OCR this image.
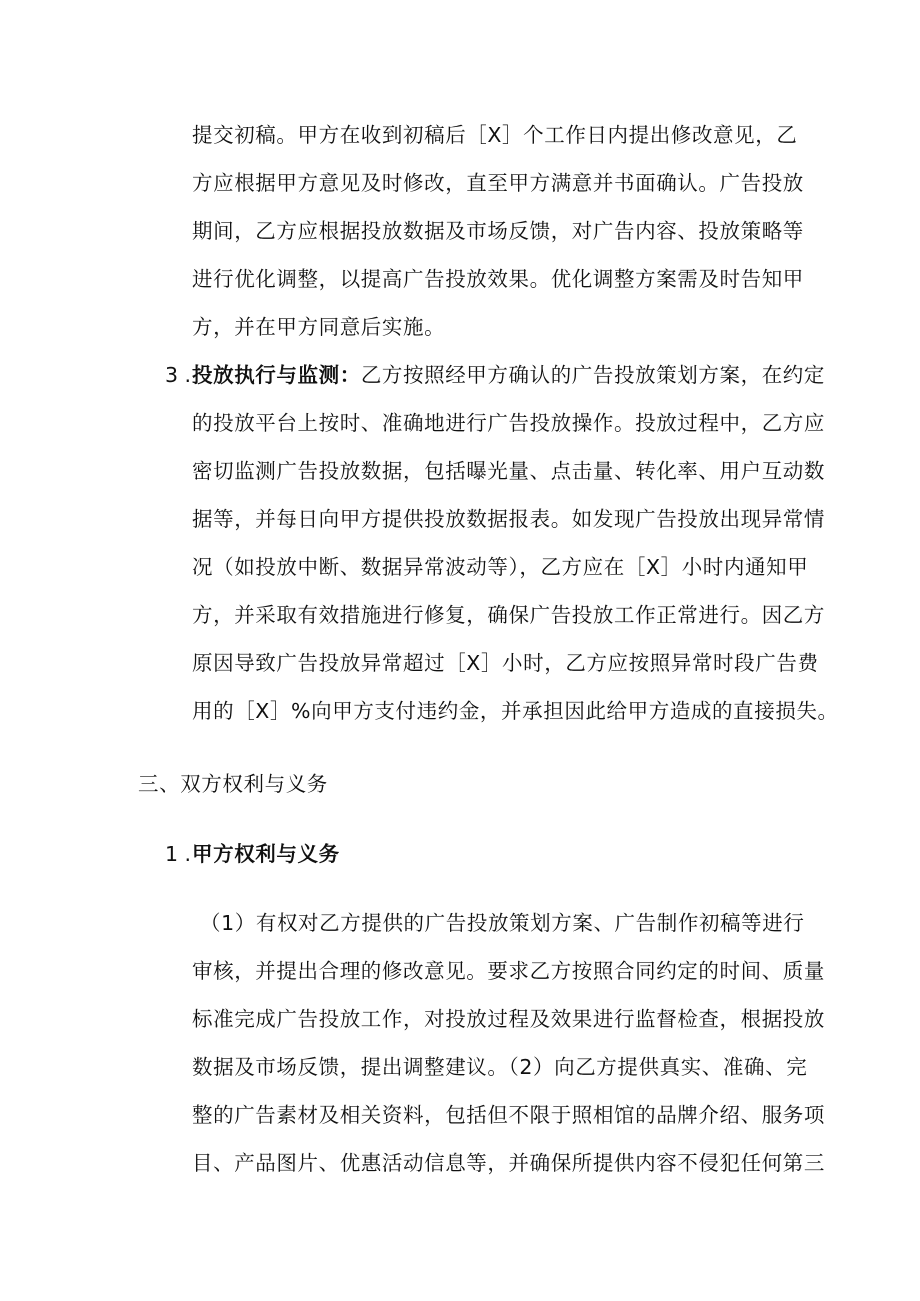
提交初稿。甲方在收到初稿后［X］个工作日内提出修改意见，乙
方应根据甲方意见及时修改，直至甲方满意并书面确认。广告投放
期间，乙方应根据投放数据及市场反馈，对广告内容、投放策略等
进行优化调整，以提高广告投放效果。优化调整方案需及时告知甲
方，并在甲方同意后实施。
3 . 投放执行与监测：乙方按照经甲方确认的广告投放策划方案，在约定
的投放平台上按时、准确地进行广告投放操作。投放过程中，乙方应
密切监测广告投放数据，包括曝光量、点击量、转化率、用户互动数
据等，并每日向甲方提供投放数据报表。如发现广告投放出现异常情
况（如投放中断、数据异常波动等），乙方应在［X］小时内通知甲
方，并采取有效措施进行修复，确保广告投放工作正常进行。因乙方
原因导致广告投放异常超过［X］小时，乙方应按照异常时段广告费
用的［X］%向甲方支付违约金，并承担因此给甲方造成的直接损失。
三、双方权利与义务
1 . 甲方权利与义务
（1）有权对乙方提供的广告投放策划方案、广告制作初稿等进行
审核，并提出合理的修改意见。要求乙方按照合同约定的时间、质量
标准完成广告投放工作，对投放过程及效果进行监督检查，根据投放
数据及市场反馈，提出调整建议。（2）向乙方提供真实、准确、完
整的广告素材及相关资料，包括但不限于照相馆的品牌介绍、服务项
目、产品图片、优惠活动信息等，并确保所提供内容不侵犯任何第三
